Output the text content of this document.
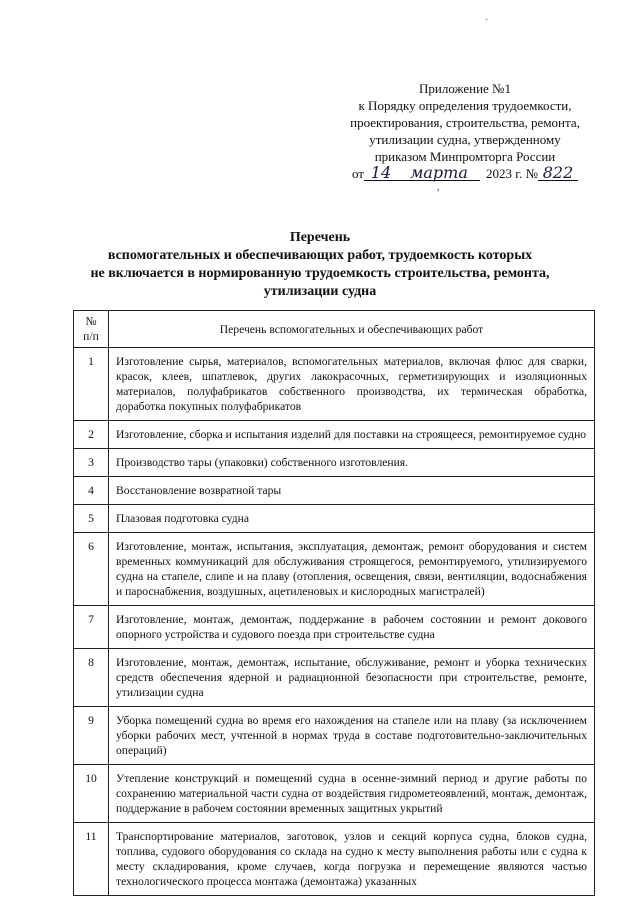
ˏ
Приложение №1
к Порядку определения трудоемкости,
проектирования, строительства, ремонта,
утилизации судна, утвержденному
приказом Минпромторга России
от 14	марта	2023 г. № 822
,
Перечень
вспомогательных и обеспечивающих работ, трудоемкость которых
не включается в нормированную трудоемкость строительства, ремонта,
утилизации судна
№
п/п	Перечень вспомогательных и обеспечивающих работ
1	Изготовление сырья, материалов, вспомогательных материалов, включая флюс для сварки, красок, клеев, шпатлевок, других лакокрасочных, герметизирующих и изоляционных материалов, полуфабрикатов собственного производства, их термическая обработка, доработка покупных полуфабрикатов
2	Изготовление, сборка и испытания изделий для поставки на строящееся, ремонтируемое судно
3	Производство тары (упаковки) собственного изготовления.
4	Восстановление возвратной тары
5	Плазовая подготовка судна
6	Изготовление, монтаж, испытания, эксплуатация, демонтаж, ремонт оборудования и систем временных коммуникаций для обслуживания строящегося, ремонтируемого, утилизируемого судна на стапеле, слипе и на плаву (отопления, освещения, связи, вентиляции, водоснабжения и пароснабжения, воздушных, ацетиленовых и кислородных магистралей)
7	Изготовление, монтаж, демонтаж, поддержание в рабочем состоянии и ремонт докового опорного устройства и судового поезда при строительстве судна
8	Изготовление, монтаж, демонтаж, испытание, обслуживание, ремонт и уборка технических средств обеспечения ядерной и радиационной безопасности при строительстве, ремонте, утилизации судна
9	Уборка помещений судна во время его нахождения на стапеле или на плаву (за исключением уборки рабочих мест, учтенной в нормах труда в составе подготовительно-заключительных операций)
10	Утепление конструкций и помещений судна в осенне-зимний период и другие работы по сохранению материальной части судна от воздействия гидрометеоявлений, монтаж, демонтаж, поддержание в рабочем состоянии временных защитных укрытий
11	Транспортирование материалов, заготовок, узлов и секций корпуса судна, блоков судна, топлива, судового оборудования со склада на судно к месту выполнения работы или с судна к месту складирования, кроме случаев, когда погрузка и перемещение являются частью технологического процесса монтажа (демонтажа) указанных
